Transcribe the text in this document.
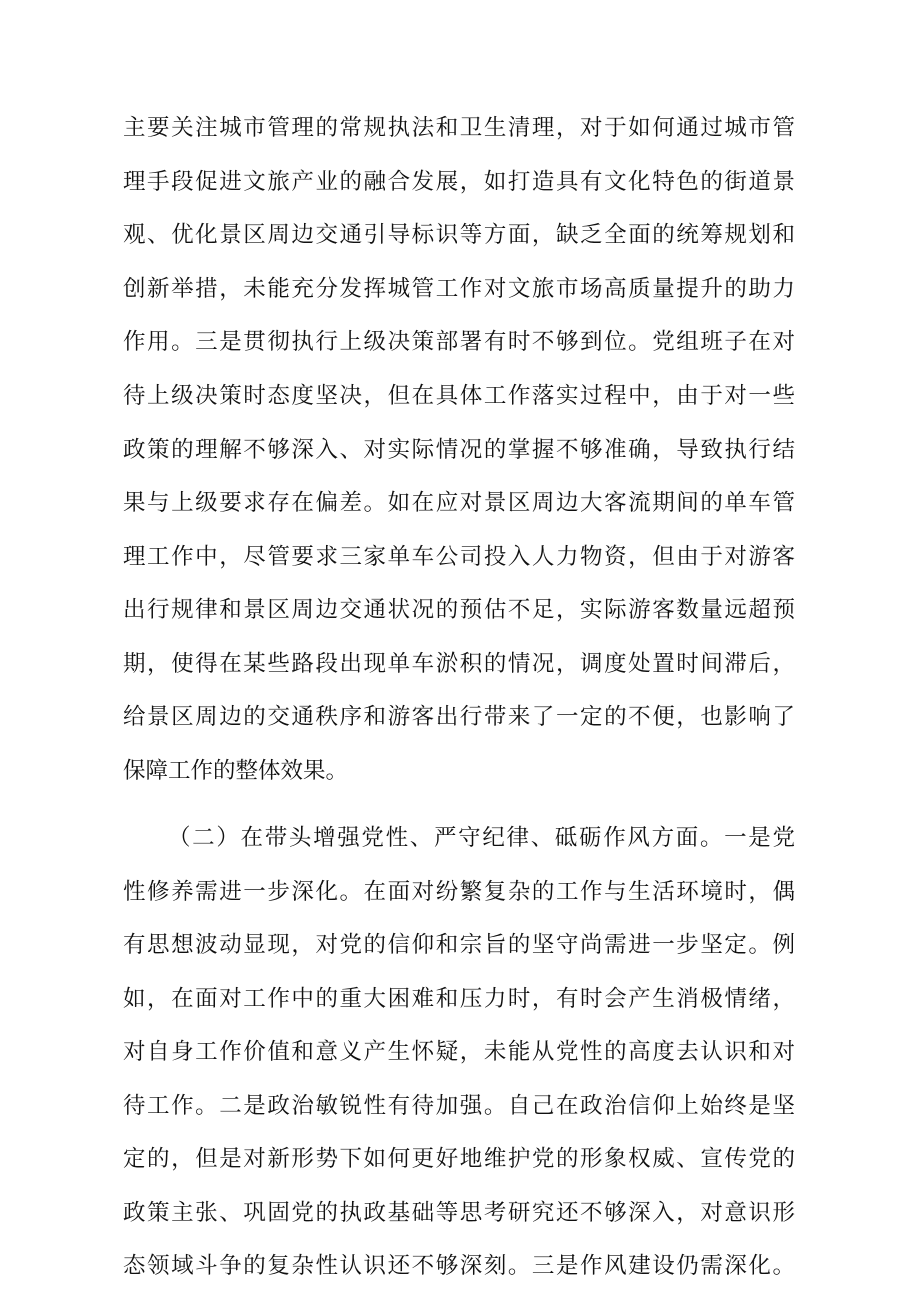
主要关注城市管理的常规执法和卫生清理，对于如何通过城市管
理手段促进文旅产业的融合发展，如打造具有文化特色的街道景
观、优化景区周边交通引导标识等方面，缺乏全面的统筹规划和
创新举措，未能充分发挥城管工作对文旅市场高质量提升的助力
作用。三是贯彻执行上级决策部署有时不够到位。党组班子在对
待上级决策时态度坚决，但在具体工作落实过程中，由于对一些
政策的理解不够深入、对实际情况的掌握不够准确，导致执行结
果与上级要求存在偏差。如在应对景区周边大客流期间的单车管
理工作中，尽管要求三家单车公司投入人力物资，但由于对游客
出行规律和景区周边交通状况的预估不足，实际游客数量远超预
期，使得在某些路段出现单车淤积的情况，调度处置时间滞后，
给景区周边的交通秩序和游客出行带来了一定的不便，也影响了
保障工作的整体效果。
（二）在带头增强党性、严守纪律、砥砺作风方面。一是党
性修养需进一步深化。在面对纷繁复杂的工作与生活环境时，偶
有思想波动显现，对党的信仰和宗旨的坚守尚需进一步坚定。例
如，在面对工作中的重大困难和压力时，有时会产生消极情绪，
对自身工作价值和意义产生怀疑，未能从党性的高度去认识和对
待工作。二是政治敏锐性有待加强。自己在政治信仰上始终是坚
定的，但是对新形势下如何更好地维护党的形象权威、宣传党的
政策主张、巩固党的执政基础等思考研究还不够深入，对意识形
态领域斗争的复杂性认识还不够深刻。三是作风建设仍需深化。
